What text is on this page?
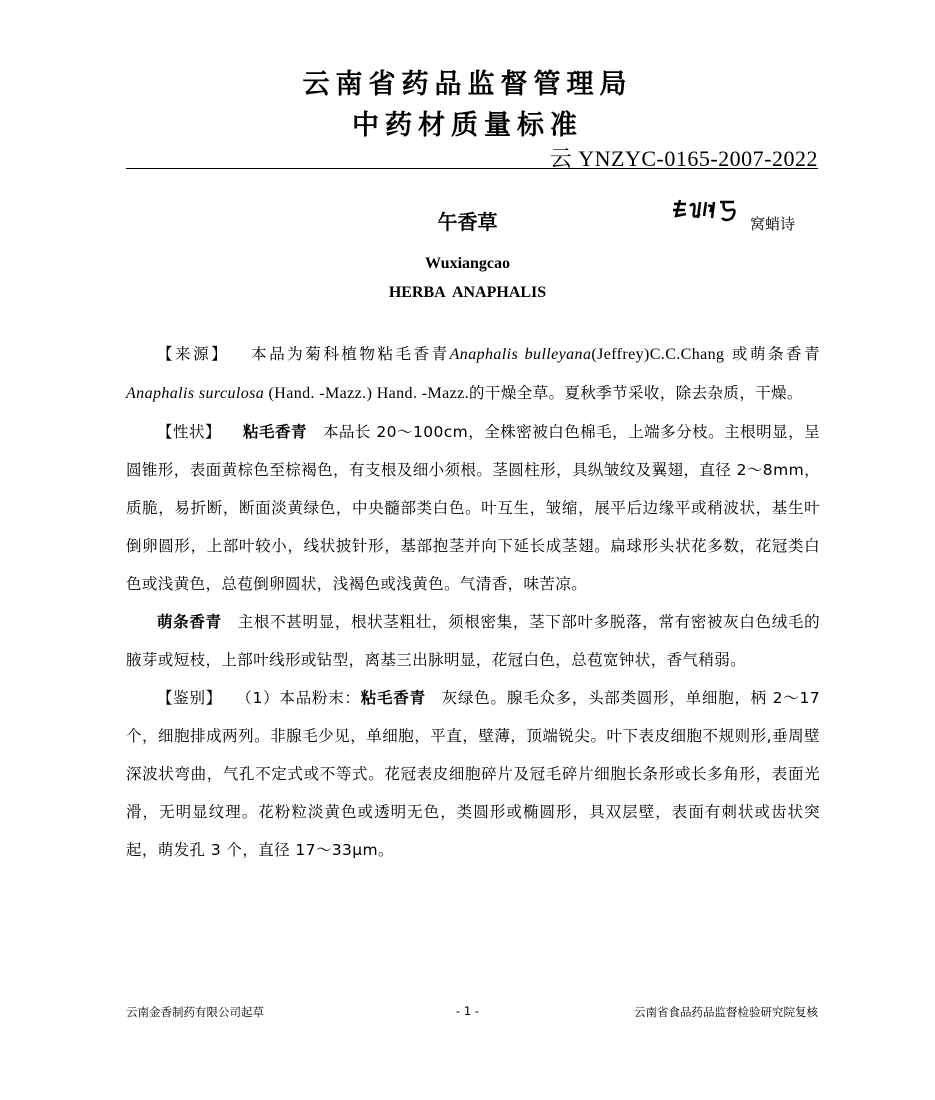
云南省药品监督管理局
中药材质量标准
云 YNZYC-0165-2007-2022
午香草	窝蛸诗
Wuxiangcao
HERBA ANAPHALIS

【来源】 本品为菊科植物粘毛香青Anaphalis bulleyana(Jeffrey)C.C.Chang 或萌条香青 Anaphalis surculosa (Hand. -Mazz.) Hand. -Mazz.的干燥全草。夏秋季节采收，除去杂质，干燥。

【性状】 粘毛香青 本品长 20～100cm，全株密被白色棉毛，上端多分枝。主根明显，呈圆锥形，表面黄棕色至棕褐色，有支根及细小须根。茎圆柱形，具纵皱纹及翼翅，直径 2～8mm，质脆，易折断，断面淡黄绿色，中央髓部类白色。叶互生，皱缩，展平后边缘平或稍波状，基生叶倒卵圆形，上部叶较小，线状披针形，基部抱茎并向下延长成茎翅。扁球形头状花多数，花冠类白色或浅黄色，总苞倒卵圆状，浅褐色或浅黄色。气清香，味苦凉。

萌条香青 主根不甚明显，根状茎粗壮，须根密集，茎下部叶多脱落，常有密被灰白色绒毛的腋芽或短枝，上部叶线形或钻型，离基三出脉明显，花冠白色，总苞宽钟状，香气稍弱。

【鉴别】 （1）本品粉末：粘毛香青 灰绿色。腺毛众多，头部类圆形，单细胞，柄 2～17 个，细胞排成两列。非腺毛少见，单细胞，平直，壁薄，顶端锐尖。叶下表皮细胞不规则形,垂周壁深波状弯曲，气孔不定式或不等式。花冠表皮细胞碎片及冠毛碎片细胞长条形或长多角形，表面光滑，无明显纹理。花粉粒淡黄色或透明无色，类圆形或椭圆形，具双层壁，表面有刺状或齿状突起，萌发孔 3 个，直径 17～33μm。

云南金香制药有限公司起草	- 1 -	云南省食品药品监督检验研究院复核
